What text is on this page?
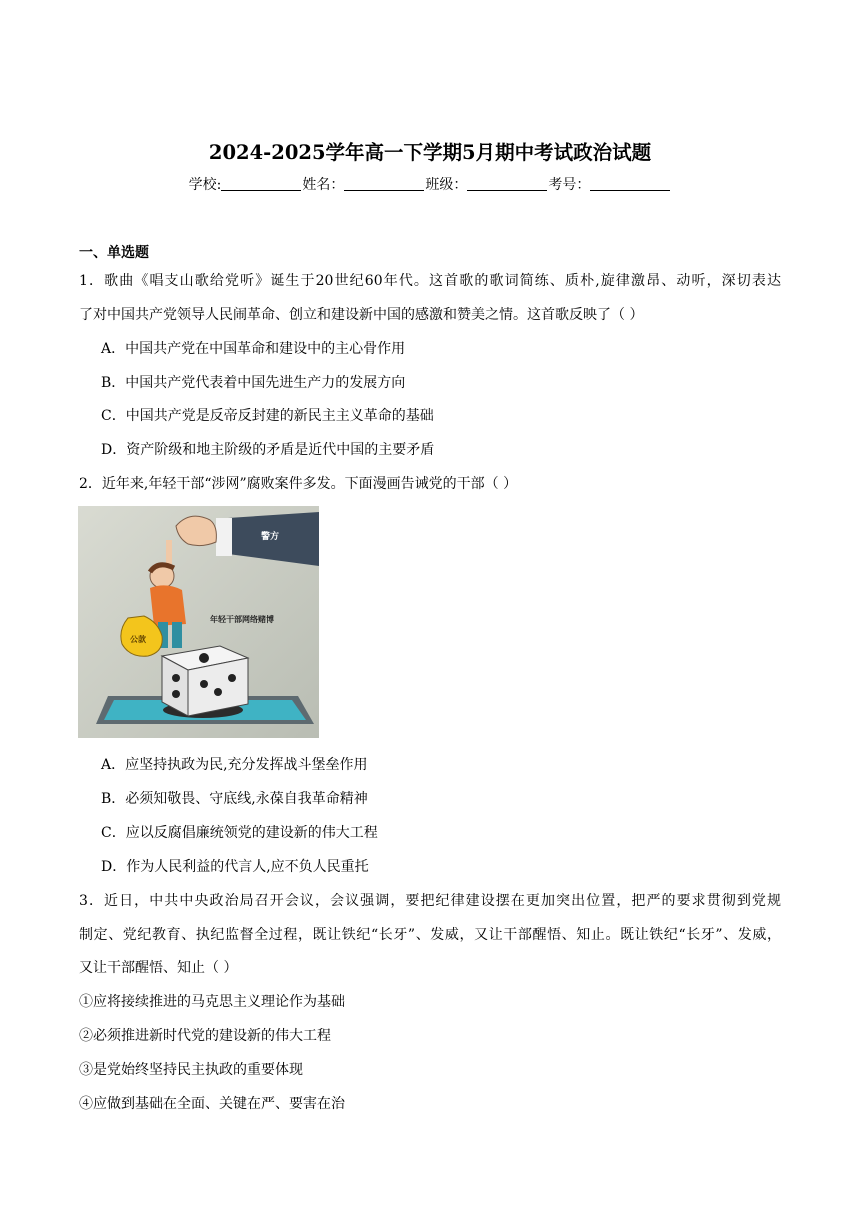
2024-2025学年高一下学期5月期中考试政治试题
学校:	姓名：	班级：	考号：
一、单选题
1．歌曲《唱支山歌给党听》诞生于20世纪60年代。这首歌的歌词简练、质朴,旋律激昂、动听，深切表达
了对中国共产党领导人民闹革命、创立和建设新中国的感激和赞美之情。这首歌反映了（ ）
A．中国共产党在中国革命和建设中的主心骨作用
B．中国共产党代表着中国先进生产力的发展方向
C．中国共产党是反帝反封建的新民主主义革命的基础
D．资产阶级和地主阶级的矛盾是近代中国的主要矛盾
2．近年来,年轻干部“涉网”腐败案件多发。下面漫画告诫党的干部（ ）
警方
年轻干部网络赌博
公款
A．应坚持执政为民,充分发挥战斗堡垒作用
B．必须知敬畏、守底线,永葆自我革命精神
C．应以反腐倡廉统领党的建设新的伟大工程
D．作为人民利益的代言人,应不负人民重托
3．近日，中共中央政治局召开会议，会议强调，要把纪律建设摆在更加突出位置，把严的要求贯彻到党规
制定、党纪教育、执纪监督全过程，既让铁纪“长牙”、发威，又让干部醒悟、知止。既让铁纪“长牙”、发威，
又让干部醒悟、知止（ ）
①应将接续推进的马克思主义理论作为基础
②必须推进新时代党的建设新的伟大工程
③是党始终坚持民主执政的重要体现
④应做到基础在全面、关键在严、要害在治
